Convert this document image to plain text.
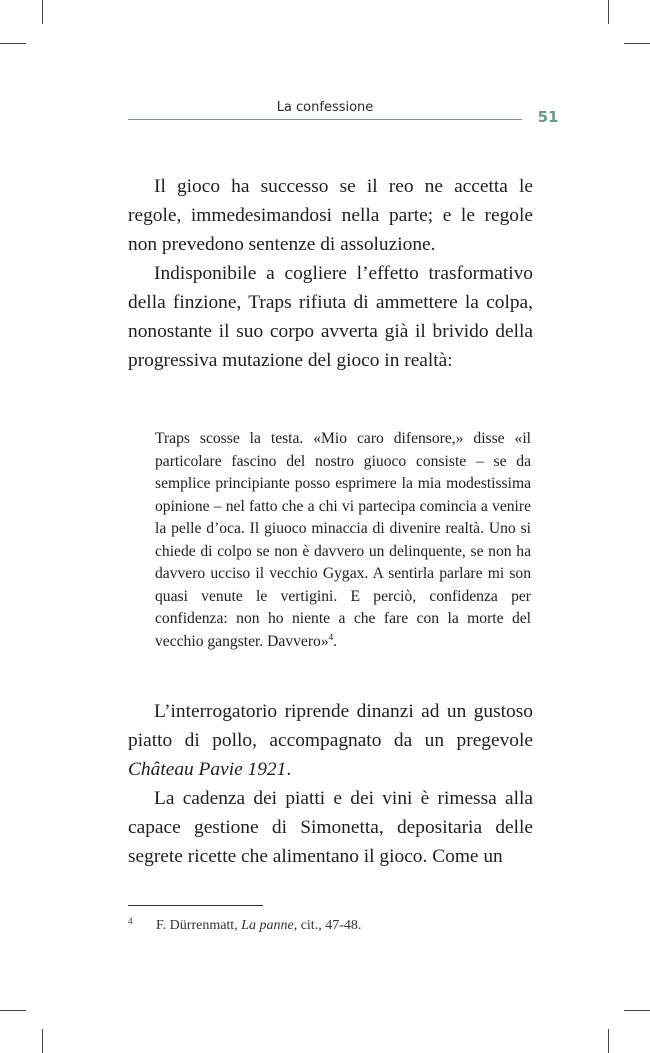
La confessione
51

Il gioco ha successo se il reo ne accetta le regole, immedesimandosi nella parte; e le regole non prevedono sentenze di assoluzione.

Indisponibile a cogliere l’effetto trasformativo della finzione, Traps rifiuta di ammettere la colpa, nonostante il suo corpo avverta già il brivido della progressiva mutazione del gioco in realtà:

Traps scosse la testa. «Mio caro difensore,» disse «il particolare fascino del nostro giuoco consiste – se da semplice principiante posso esprimere la mia modestissima opinione – nel fatto che a chi vi partecipa comincia a venire la pelle d’oca. Il giuoco minaccia di divenire realtà. Uno si chiede di colpo se non è davvero un delinquente, se non ha davvero ucciso il vecchio Gygax. A sentirla parlare mi son quasi venute le vertigini. E perciò, confidenza per confidenza: non ho niente a che fare con la morte del vecchio gangster. Davvero»$^4$.

L’interrogatorio riprende dinanzi ad un gustoso piatto di pollo, accompagnato da un pregevole Château Pavie 1921.

La cadenza dei piatti e dei vini è rimessa alla capace gestione di Simonetta, depositaria delle segrete ricette che alimentano il gioco. Come un

4 F. Dürrenmatt, La panne, cit., 47-48.
